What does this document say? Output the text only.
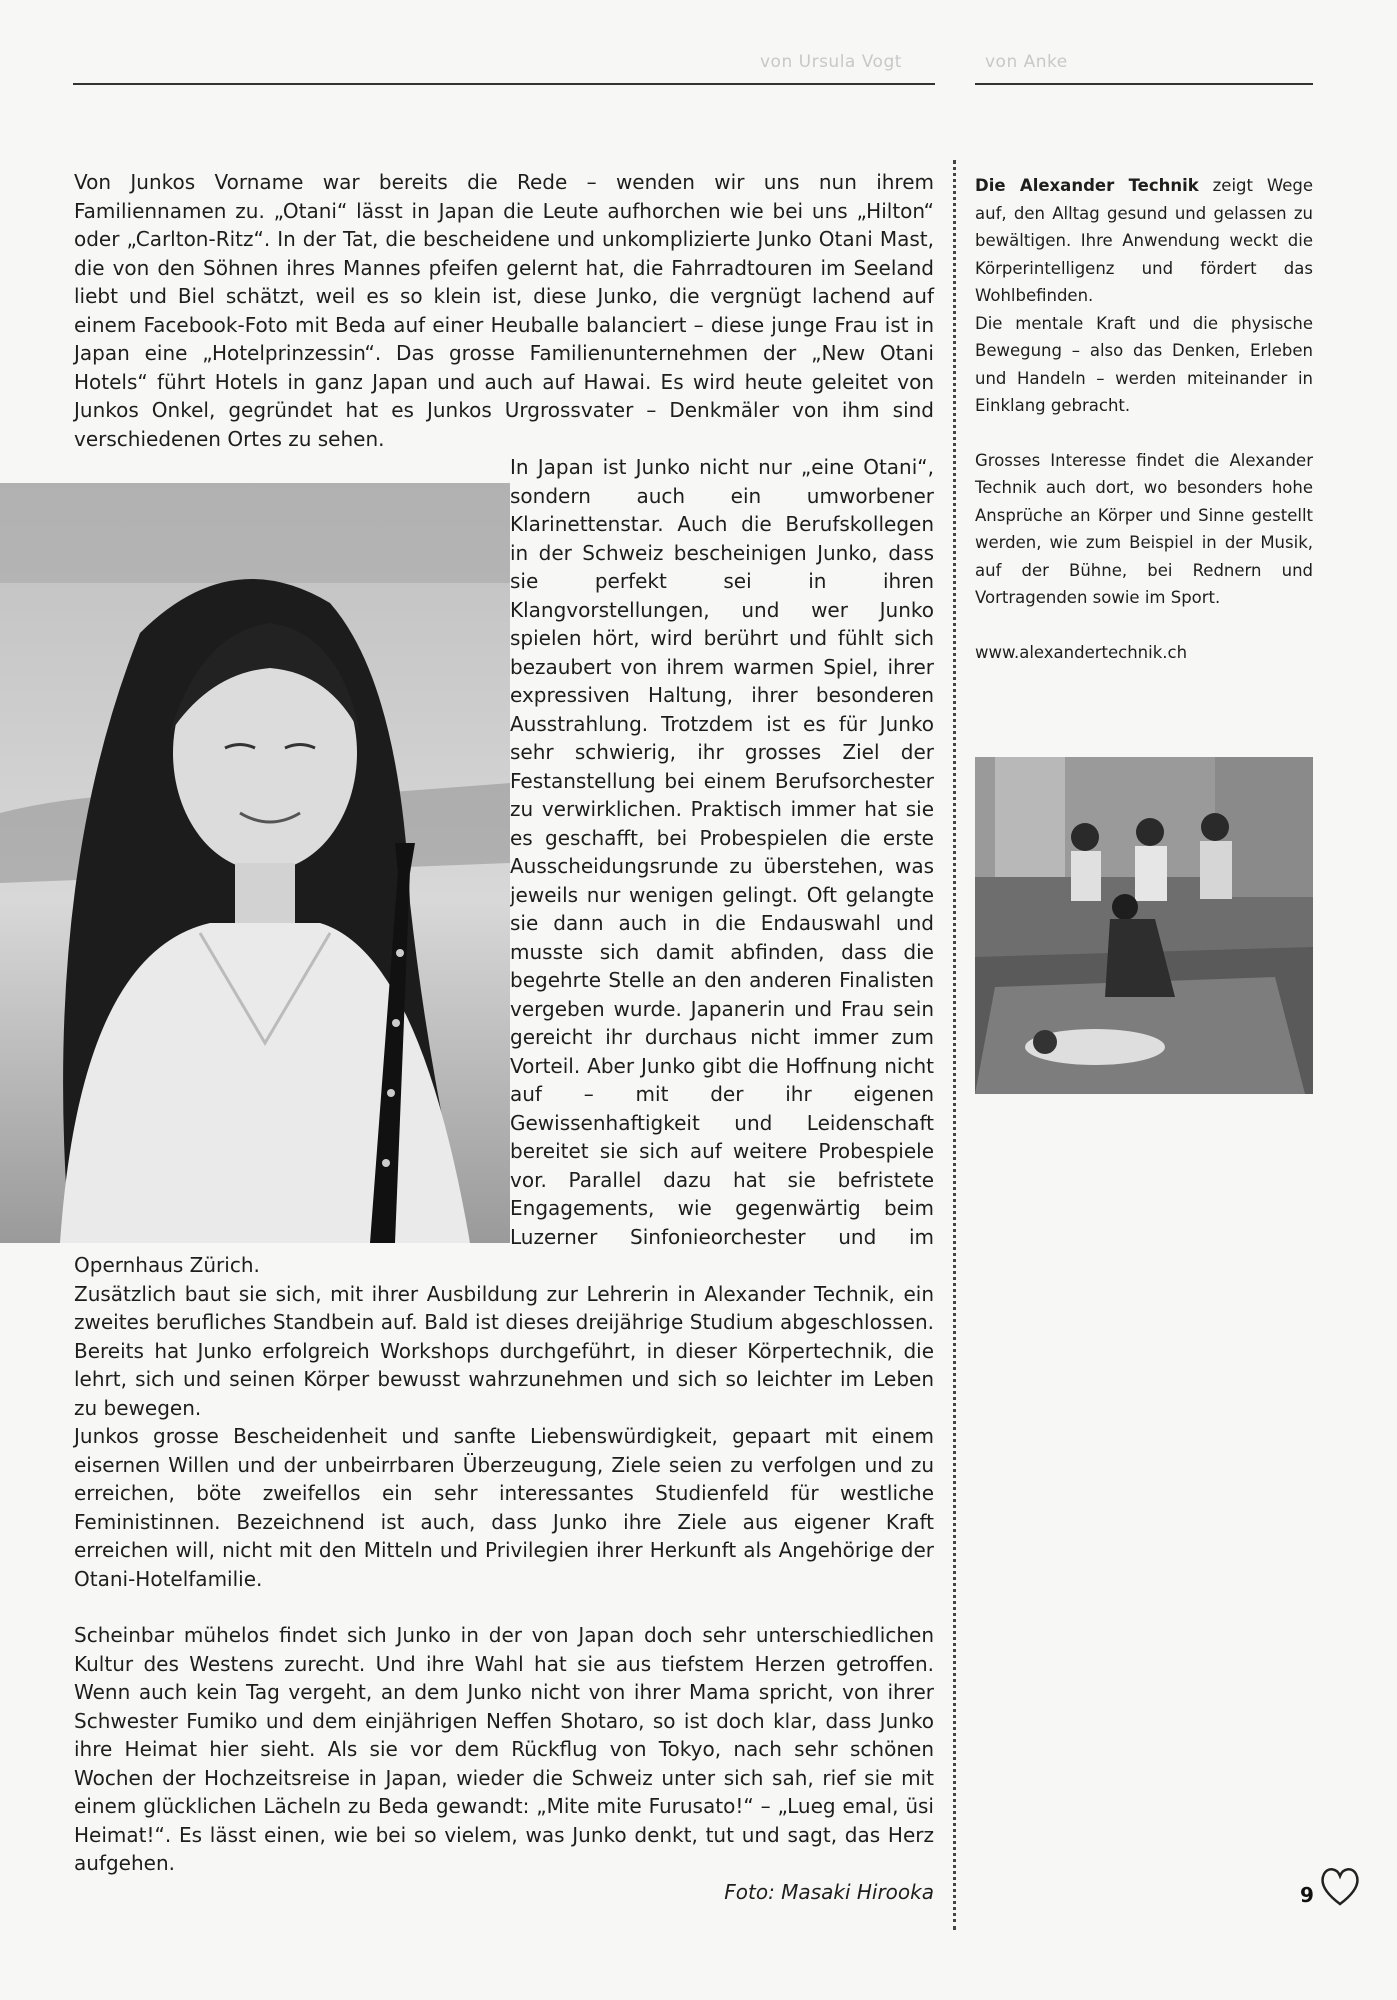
von Ursula Vogt	von Anke

Von Junkos Vorname war bereits die Rede – wenden wir uns nun ihrem Familiennamen zu. „Otani“ lässt in Japan die Leute aufhorchen wie bei uns „Hilton“ oder „Carlton-Ritz“. In der Tat, die bescheidene und unkomplizierte Junko Otani Mast, die von den Söhnen ihres Mannes pfeifen gelernt hat, die Fahrradtouren im Seeland liebt und Biel schätzt, weil es so klein ist, diese Junko, die vergnügt lachend auf einem Facebook-Foto mit Beda auf einer Heuballe balanciert – diese junge Frau ist in Japan eine „Hotelprinzessin“. Das grosse Familienunternehmen der „New Otani Hotels“ führt Hotels in ganz Japan und auch auf Hawai. Es wird heute geleitet von Junkos Onkel, gegründet hat es Junkos Urgrossvater – Denkmäler von ihm sind verschiedenen Ortes zu sehen.

In Japan ist Junko nicht nur „eine Otani“, sondern auch ein umworbener Klarinettenstar. Auch die Berufskollegen in der Schweiz bescheinigen Junko, dass sie perfekt sei in ihren Klangvorstellungen, und wer Junko spielen hört, wird berührt und fühlt sich bezaubert von ihrem warmen Spiel, ihrer expressiven Haltung, ihrer besonderen Ausstrahlung. Trotzdem ist es für Junko sehr schwierig, ihr grosses Ziel der Festanstellung bei einem Berufsorchester zu verwirklichen. Praktisch immer hat sie es geschafft, bei Probespielen die erste Ausscheidungsrunde zu überstehen, was jeweils nur wenigen gelingt. Oft gelangte sie dann auch in die Endauswahl und musste sich damit abfinden, dass die begehrte Stelle an den anderen Finalisten vergeben wurde. Japanerin und Frau sein gereicht ihr durchaus nicht immer zum Vorteil. Aber Junko gibt die Hoffnung nicht auf – mit der ihr eigenen Gewissenhaftigkeit und Leidenschaft bereitet sie sich auf weitere Probespiele vor. Parallel dazu hat sie befristete Engagements, wie gegenwärtig beim Luzerner Sinfonieorchester und im Opernhaus Zürich.

Zusätzlich baut sie sich, mit ihrer Ausbildung zur Lehrerin in Alexander Technik, ein zweites berufliches Standbein auf. Bald ist dieses dreijährige Studium abgeschlossen. Bereits hat Junko erfolgreich Workshops durchgeführt, in dieser Körpertechnik, die lehrt, sich und seinen Körper bewusst wahrzunehmen und sich so leichter im Leben zu bewegen.

Junkos grosse Bescheidenheit und sanfte Liebenswürdigkeit, gepaart mit einem eisernen Willen und der unbeirrbaren Überzeugung, Ziele seien zu verfolgen und zu erreichen, böte zweifellos ein sehr interessantes Studienfeld für westliche Feministinnen. Bezeichnend ist auch, dass Junko ihre Ziele aus eigener Kraft erreichen will, nicht mit den Mitteln und Privilegien ihrer Herkunft als Angehörige der Otani-Hotelfamilie.

Scheinbar mühelos findet sich Junko in der von Japan doch sehr unterschiedlichen Kultur des Westens zurecht. Und ihre Wahl hat sie aus tiefstem Herzen getroffen. Wenn auch kein Tag vergeht, an dem Junko nicht von ihrer Mama spricht, von ihrer Schwester Fumiko und dem einjährigen Neffen Shotaro, so ist doch klar, dass Junko ihre Heimat hier sieht. Als sie vor dem Rückflug von Tokyo, nach sehr schönen Wochen der Hochzeitsreise in Japan, wieder die Schweiz unter sich sah, rief sie mit einem glücklichen Lächeln zu Beda gewandt: „Mite mite Furusato!“ – „Lueg emal, üsi Heimat!“. Es lässt einen, wie bei so vielem, was Junko denkt, tut und sagt, das Herz aufgehen.

Foto: Masaki Hirooka

Die Alexander Technik zeigt Wege auf, den Alltag gesund und gelassen zu bewältigen. Ihre Anwendung weckt die Körperintelligenz und fördert das Wohlbefinden.

Die mentale Kraft und die physische Bewegung – also das Denken, Erleben und Handeln – werden miteinander in Einklang gebracht.

Grosses Interesse findet die Alexander Technik auch dort, wo besonders hohe Ansprüche an Körper und Sinne gestellt werden, wie zum Beispiel in der Musik, auf der Bühne, bei Rednern und Vortragenden sowie im Sport.

www.alexandertechnik.ch

9
